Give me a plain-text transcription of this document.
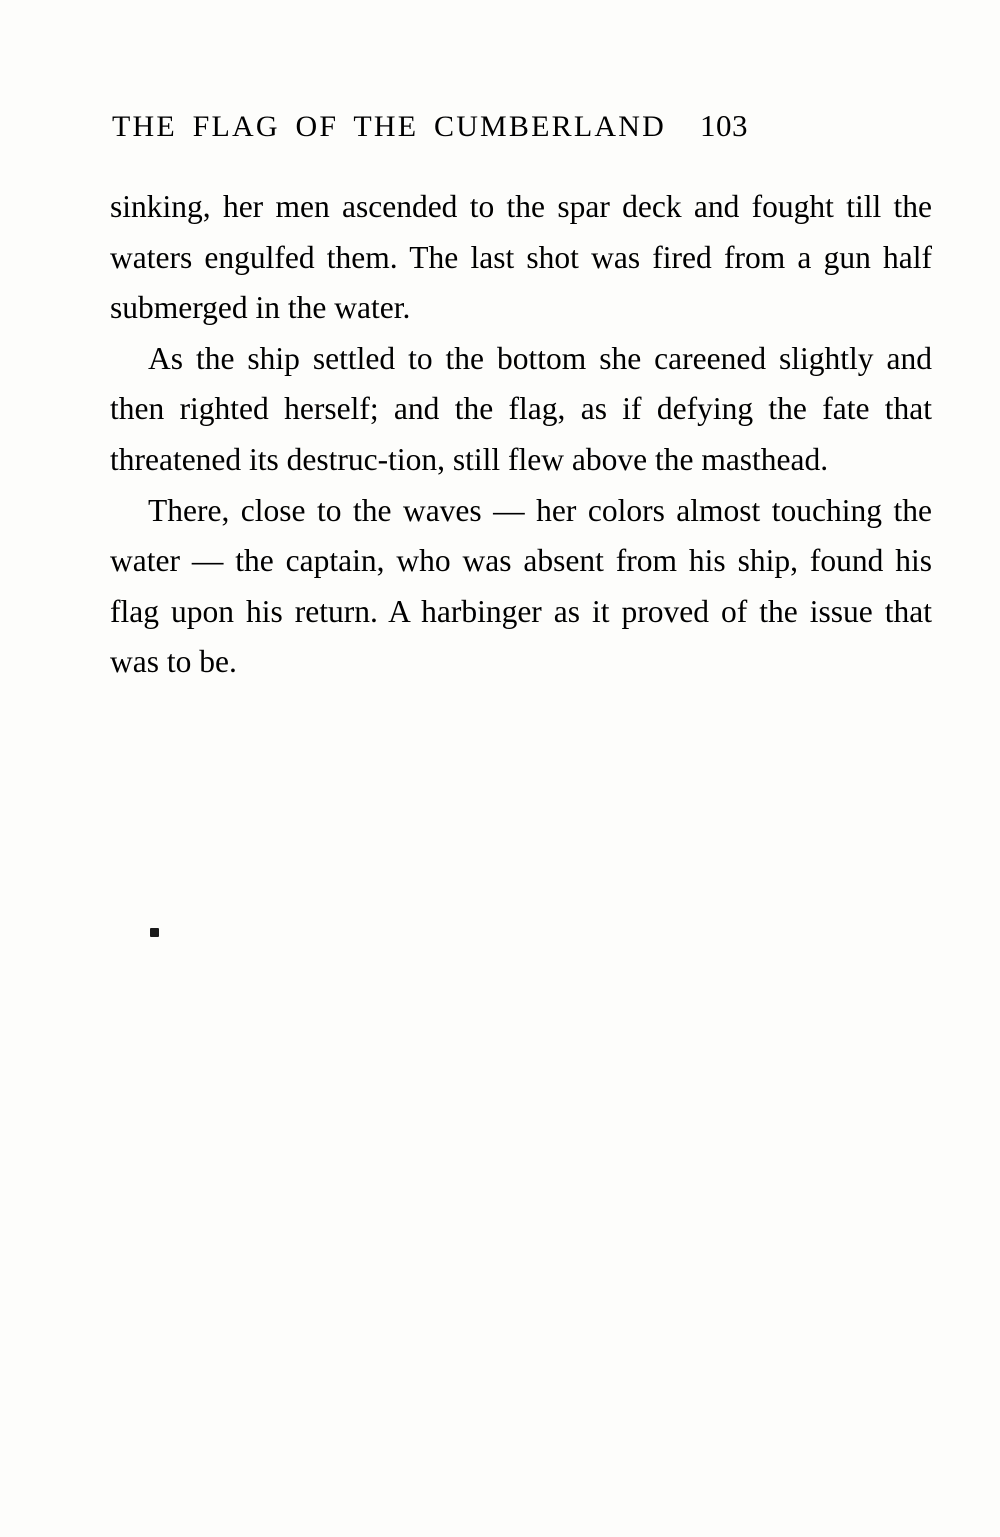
THE FLAG OF THE CUMBERLAND 103

sinking, her men ascended to the spar deck and fought till the waters engulfed them. The last shot was fired from a gun half submerged in the water.

As the ship settled to the bottom she careened slightly and then righted herself; and the flag, as if defying the fate that threatened its destruc-tion, still flew above the masthead.

There, close to the waves — her colors almost touching the water — the captain, who was absent from his ship, found his flag upon his return. A harbinger as it proved of the issue that was to be.
